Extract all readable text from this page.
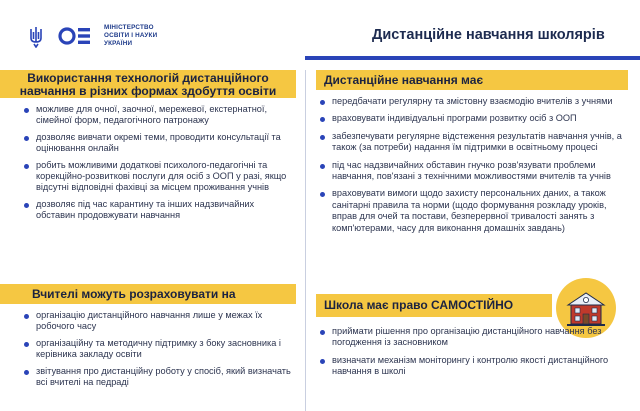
МІНІСТЕРСТВО
ОСВІТИ І НАУКИ
УКРАЇНИ
Дистанційне навчання школярів
Використання технологій дистанційного
навчання в різних формах здобуття освіти
можливе для очної, заочної, мережевої, екстернатної, сімейної форм, педагогічного патронажу
дозволяє вивчати окремі теми, проводити консультації та оцінювання онлайн
робить можливими додаткові психолого-педагогічні та корекційно-розвиткові послуги для осіб з ООП у разі, якщо відсутні відповідні фахівці за місцем проживання учнів
дозволяє під час карантину та інших надзвичайних обставин продовжувати навчання
Вчителі можуть розраховувати на
організацію дистанційного навчання лише у межах їх робочого часу
організаційну та методичну підтримку з боку засновника і керівника закладу освіти
звітування про дистанційну роботу у спосіб, який визначать всі вчителі на педраді
Дистанційне навчання має
передбачати регулярну та змістовну взаємодію вчителів з учнями
враховувати індивідуальні програми розвитку осіб з ООП
забезпечувати регулярне відстеження результатів навчання учнів, а також (за потреби) надання їм підтримки в освітньому процесі
під час надзвичайних обставин гнучко розв'язувати проблеми навчання, пов'язані з технічними можливостями вчителів та учнів
враховувати вимоги щодо захисту персональних даних, а також санітарні правила та норми (щодо формування розкладу уроків, вправ для очей та постави, безперервної тривалості занять з комп'ютерами, часу для виконання домашніх завдань)
Школа має право САМОСТІЙНО
приймати рішення про організацію дистанційного навчання без погодження із засновником
визначати механізм моніторингу і контролю якості дистанційного навчання в школі
